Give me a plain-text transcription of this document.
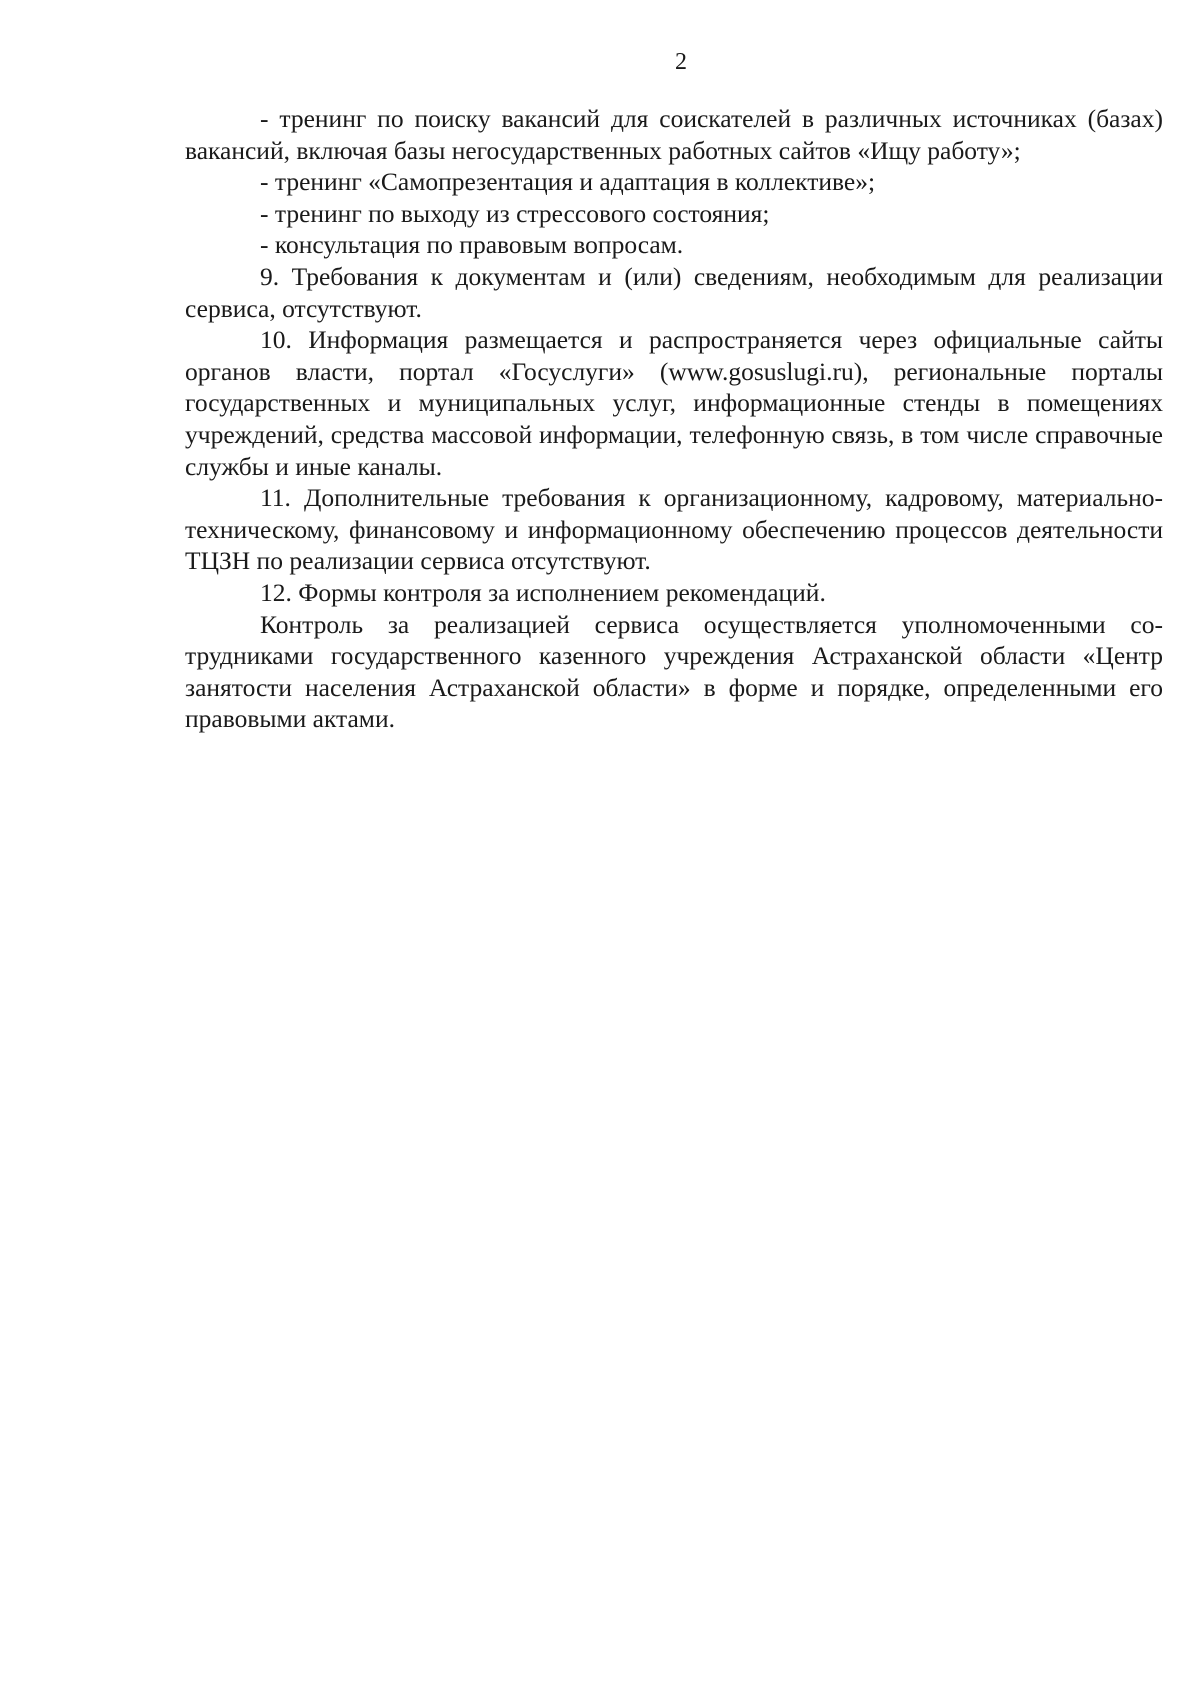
2

- тренинг по поиску вакансий для соискателей в различных источниках (базах) вакансий, включая базы негосударственных работных сайтов «Ищу работу»;

- тренинг «Самопрезентация и адаптация в коллективе»;

- тренинг по выходу из стрессового состояния;

- консультация по правовым вопросам.

9. Требования к документам и (или) сведениям, необходимым для реализации сервиса, отсутствуют.

10. Информация размещается и распространяется через официальные сайты органов власти, портал «Госуслуги» (www.gosuslugi.ru), региональные порталы государственных и муниципальных услуг, информационные стенды в помещениях учреждений, средства массовой информации, телефонную связь, в том числе справочные службы и иные каналы.

11. Дополнительные требования к организационному, кадровому, материально-техническому, финансовому и информационному обеспечению процессов деятельности ТЦЗН по реализации сервиса отсутствуют.

12. Формы контроля за исполнением рекомендаций.

Контроль за реализацией сервиса осуществляется уполномоченными сотрудниками государственного казенного учреждения Астраханской области «Центр занятости населения Астраханской области» в форме и порядке, определенными его правовыми актами.
